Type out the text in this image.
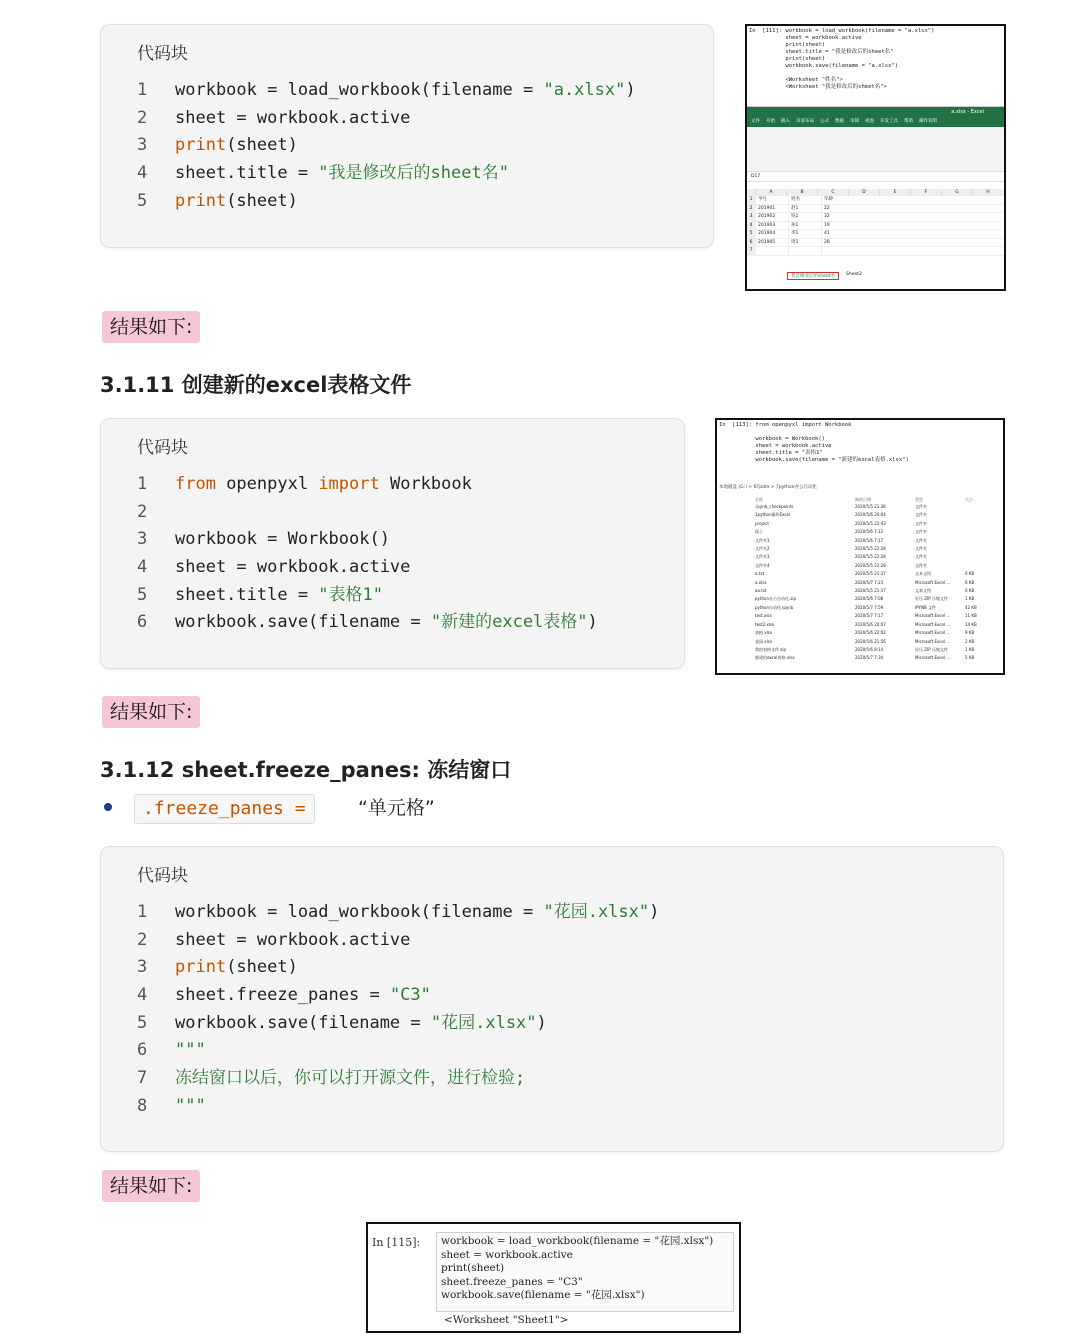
代码块
1 workbook = load_workbook(filename = "a.xlsx")
2 sheet = workbook.active
3 print(sheet)
4 sheet.title = "我是修改后的sheet名"
5 print(sheet)
In  [111]: workbook = load_workbook(filename = "a.xlsx")
sheet = workbook.active
print(sheet)
sheet.title = "我是修改后的sheet名"
print(sheet)
workbook.save(filename = "a.xlsx")

<Worksheet "姓名">
<Worksheet "我是修改后的sheet名">
a.xlsx - Excel
文件 开始 插入 页面布局 公式 数据 审阅 视图 开发工具 帮助 操作说明
D17
A	B	C	D	E	F	G	H
1	学号	姓名	年龄
2	201901	赵1	22
3	201902	钱1	32
4	201903	孙1	19
5	201904	李1	41
6	201905	周1	28
7
我是修改后的sheet名	Sheet2
结果如下:
3.1.11 创建新的excel表格文件
代码块
1 from openpyxl import Workbook
2
3 workbook = Workbook()
4 sheet = workbook.active
5 sheet.title = "表格1"
6 workbook.save(filename = "新建的excel表格")
In  [113]: from openpyxl import Workbook

workbook = Workbook()
sheet = workbook.active
sheet.title = "表格1"
workbook.save(filename = "新建的excel表格.xlsx")
本地磁盘 (G:) > 6Tpdm > 7python办公自动化
名称	修改日期	类型	大小
.ipynb_checkpoints	2020/5/5 21:36	文件夹
1python操作Excel	2020/5/6 20:04	文件夹
project	2020/5/5 22:43	文件夹
筷子	2020/5/6 7:12	文件夹
文件夹1	2020/5/6 7:17	文件夹
文件夹2	2020/5/5 22:28	文件夹
文件夹3	2020/5/5 22:28	文件夹
文件夹4	2020/5/5 22:28	文件夹
a.txt	2020/5/5 21:37	文本文档	0 KB
a.xlsx	2020/5/7 7:23	Microsoft Excel ...	6 KB
aa.txt	2020/5/5 21:37	文本文档	0 KB
python办公自动化.zip	2020/5/6 7:08	好压 ZIP 压缩文件	1 KB
python自动化.ipynb	2020/5/7 7:59	IPYNB 文件	42 KB
test.xlsx	2020/5/7 7:17	Microsoft Excel ...	11 KB
test2.xlsx	2020/5/6 20:07	Microsoft Excel ...	14 KB
表格.xlsx	2020/5/6 22:02	Microsoft Excel ...	9 KB
花园.xlsx	2020/5/6 21:56	Microsoft Excel ...	2 KB
我的表格文件.zip	2020/5/6 8:14	好压 ZIP 压缩文件	1 KB
新建的excel表格.xlsx	2020/5/7 7:34	Microsoft Excel ...	5 KB
结果如下:
3.1.12 sheet.freeze_panes: 冻结窗口
.freeze_panes =	“单元格”
代码块
1 workbook = load_workbook(filename = "花园.xlsx")
2 sheet = workbook.active
3 print(sheet)
4 sheet.freeze_panes = "C3"
5 workbook.save(filename = "花园.xlsx")
6 """
7 冻结窗口以后，你可以打开源文件，进行检验;
8 """
结果如下:
In [115]:	workbook = load_workbook(filename = "花园.xlsx")
sheet = workbook.active
print(sheet)
sheet.freeze_panes = "C3"
workbook.save(filename = "花园.xlsx")
<Worksheet "Sheet1">
